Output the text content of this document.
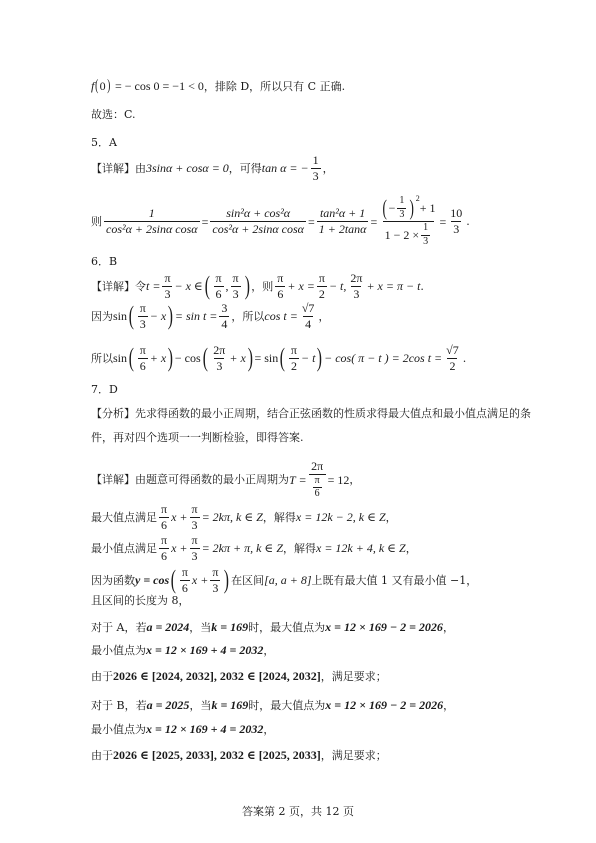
f ( 0 ) = − cos 0 = −1 < 0 ，排除 D，所以只有 C 正确.
故选：C.
5．A
【详解】由 3sinα + cosα = 0 ，可得 tan α = − $\frac{1}{3}$ ，
则 $\frac{1}{\text{cos²α + 2sinα cosα}} = \frac{\text{sin²α + cos²α}}{\text{cos²α + 2sinα cosα}} = \frac{\text{tan²α + 1}}{1 + 2\tan\alpha}$ = ( − $\frac{1}{3}$ ) 2
+ 1
$1 - 2 \times \frac{1}{3} = \frac{10}{3}$ .
6．B
【详解】令 $t = \frac{\pi}{3} - x$ ∈ ( $\frac{\pi}{6}$ , $\frac{\pi}{3}$ ) ，则 $\frac{\pi}{6} + x = \frac{\pi}{2} - t$, $\frac{2\pi}{3} + x = \pi - t$ .
因为 sin ( $\frac{\pi}{3} - x$ ) = $\sin t = \frac{3}{4}$ ，所以 $\cos t = \frac{√7}{4}$ ，
所以 sin ( $\frac{\pi}{6} + x$ ) − cos ( $\frac{2\pi}{3} + x$ ) = sin ( $\frac{\pi}{2} - t$ ) − cos( π − t ) = 2cos $t = \frac{√7}{2}$ .
7．D
【分析】先求得函数的最小正周期，结合正弦函数的性质求得最大值点和最小值点满足的条
件，再对四个选项一一判断检验，即得答案.
【详解】由题意可得函数的最小正周期为 $T = \frac{2\pi}{\frac{\pi}{6}} = 12$ ，
最大值点满足 $\frac{\pi}{6}$ $x + \frac{\pi}{3} = 2k\pi$, k ∈ Z ，解得 x = 12k − 2, k ∈ Z ，
最小值点满足 $\frac{\pi}{6}$ $x + \frac{\pi}{3} = 2k\pi + \pi$, k ∈ Z ，解得 x = 12k + 4, k ∈ Z ，
因为函数 y = cos ( $\frac{\pi}{6}$ $x + \frac{\pi}{3}$ ) 在区间 [a, a + 8] 上既有最大值 1 又有最小值 −1，
且区间的长度为 8，
对于 A，若 a = 2024 ，当 k = 169 时，最大值点为 x = 12 × 169 − 2 = 2026 ，
最小值点为 x = 12 × 169 + 4 = 2032 ，
由于 2026 ∈ [2024, 2032], 2032 ∈ [2024, 2032] ，满足要求；
对于 B，若 a = 2025 ，当 k = 169 时，最大值点为 x = 12 × 169 − 2 = 2026 ，
最小值点为 x = 12 × 169 + 4 = 2032 ，
由于 2026 ∈ [2025, 2033], 2032 ∈ [2025, 2033] ，满足要求；
答案第 2 页，共 12 页
